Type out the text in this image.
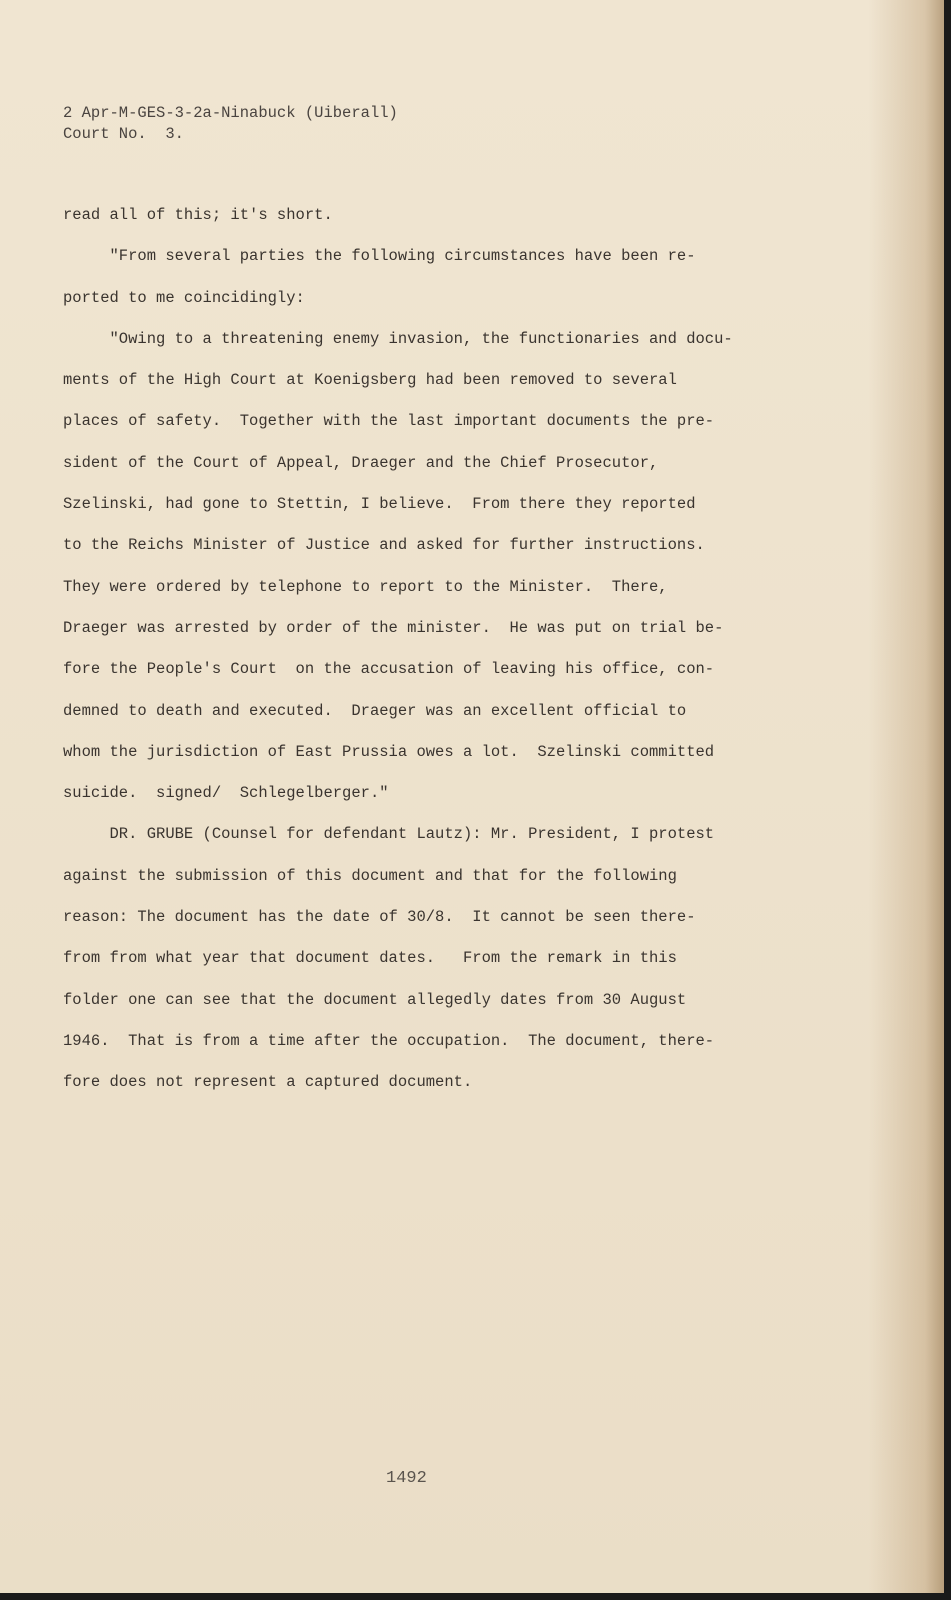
2 Apr-M-GES-3-2a-Ninabuck (Uiberall)
Court No.  3.
read all of this; it's short.
"From several parties the following circumstances have been re-
ported to me coincidingly:
"Owing to a threatening enemy invasion, the functionaries and docu-
ments of the High Court at Koenigsberg had been removed to several
places of safety.  Together with the last important documents the pre-
sident of the Court of Appeal, Draeger and the Chief Prosecutor,
Szelinski, had gone to Stettin, I believe.  From there they reported
to the Reichs Minister of Justice and asked for further instructions.
They were ordered by telephone to report to the Minister.  There,
Draeger was arrested by order of the minister.  He was put on trial be-
fore the People's Court  on the accusation of leaving his office, con-
demned to death and executed.  Draeger was an excellent official to
whom the jurisdiction of East Prussia owes a lot.  Szelinski committed
suicide.  signed/  Schlegelberger."
DR. GRUBE (Counsel for defendant Lautz): Mr. President, I protest
against the submission of this document and that for the following
reason: The document has the date of 30/8.  It cannot be seen there-
from from what year that document dates.   From the remark in this
folder one can see that the document allegedly dates from 30 August
1946.  That is from a time after the occupation.  The document, there-
fore does not represent a captured document.
1492
